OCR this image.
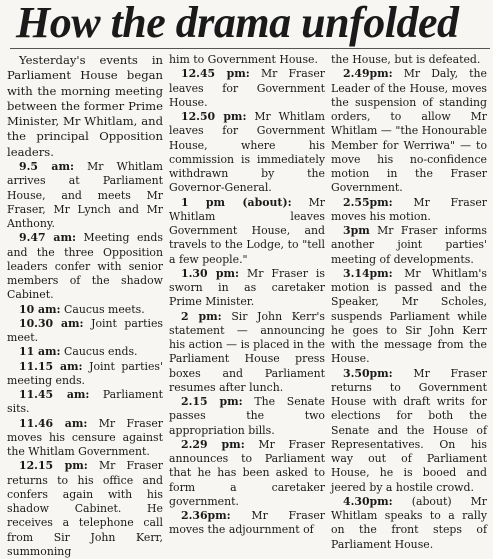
How the drama unfolded

Yesterday's events in Parliament House began with the morning meeting between the former Prime Minister, Mr Whitlam, and the principal Opposition leaders.

9.5 am: Mr Whitlam arrives at Parliament House, and meets Mr Fraser, Mr Lynch and Mr Anthony.

9.47 am: Meeting ends and the three Opposition leaders confer with senior members of the shadow Cabinet.

10 am: Caucus meets.

10.30 am: Joint parties meet.

11 am: Caucus ends.

11.15 am: Joint parties' meeting ends.

11.45 am: Parliament sits.

11.46 am: Mr Fraser moves his censure against the Whitlam Government.

12.15 pm: Mr Fraser returns to his office and confers again with his shadow Cabinet. He receives a telephone call from Sir John Kerr, summoning

him to Government House.

12.45 pm: Mr Fraser leaves for Government House.

12.50 pm: Mr Whitlam leaves for Government House, where his commission is immediately withdrawn by the Governor-General.

1 pm (about): Mr Whitlam leaves Government House, and travels to the Lodge, to "tell a few people."

1.30 pm: Mr Fraser is sworn in as caretaker Prime Minister.

2 pm: Sir John Kerr's statement — announcing his action — is placed in the Parliament House press boxes and Parliament resumes after lunch.

2.15 pm: The Senate passes the two appropriation bills.

2.29 pm: Mr Fraser announces to Parliament that he has been asked to form a caretaker government.

2.36pm: Mr Fraser moves the adjournment of

the House, but is defeated.

2.49pm: Mr Daly, the Leader of the House, moves the suspension of standing orders, to allow Mr Whitlam — "the Honourable Member for Werriwa" — to move his no-confidence motion in the Fraser Government.

2.55pm: Mr Fraser moves his motion.

3pm Mr Fraser informs another joint parties' meeting of developments.

3.14pm: Mr Whitlam's motion is passed and the Speaker, Mr Scholes, suspends Parliament while he goes to Sir John Kerr with the message from the House.

3.50pm: Mr Fraser returns to Government House with draft writs for elections for both the Senate and the House of Representatives. On his way out of Parliament House, he is booed and jeered by a hostile crowd.

4.30pm: (about) Mr Whitlam speaks to a rally on the front steps of Parliament House.
